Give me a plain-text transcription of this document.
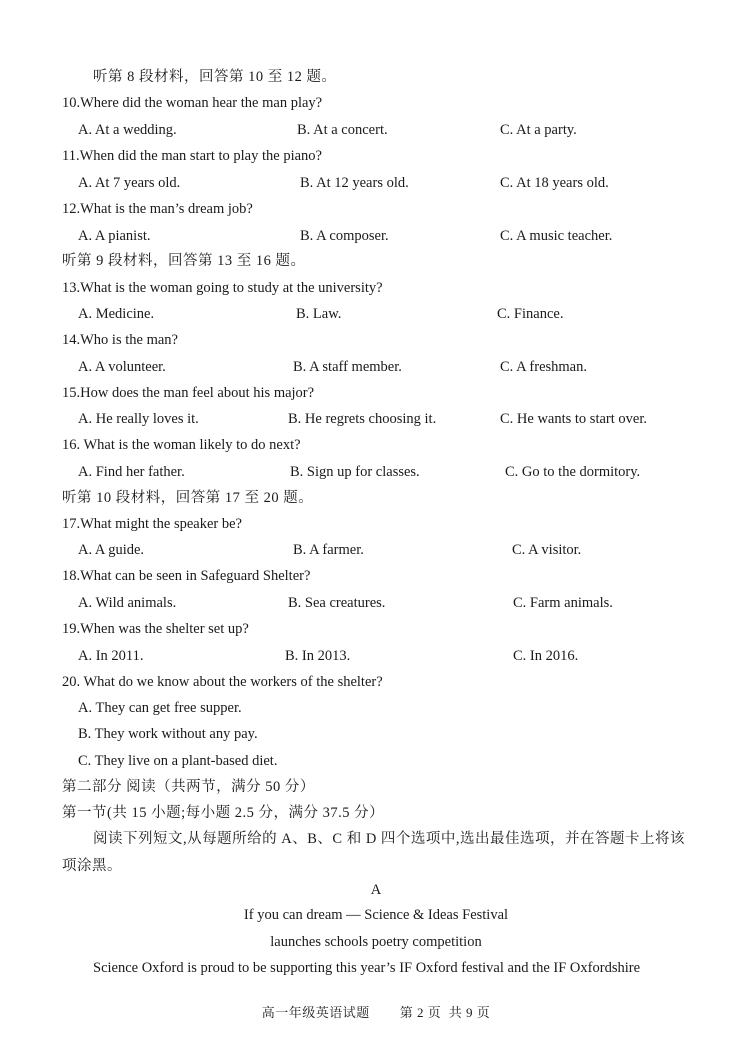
听第 8 段材料，回答第 10 至 12 题。
10.Where did the woman hear the man play?
A. At a wedding.	B. At a concert.	C. At a party.
11.When did the man start to play the piano?
A. At 7 years old.	B. At 12 years old.	C. At 18 years old.
12.What is the man’s dream job?
A. A pianist.	B. A composer.	C. A music teacher.
听第 9 段材料，回答第 13 至 16 题。
13.What is the woman going to study at the university?
A. Medicine.	B. Law.	C. Finance.
14.Who is the man?
A. A volunteer.	B. A staff member.	C. A freshman.
15.How does the man feel about his major?
A. He really loves it.	B. He regrets choosing it.	C. He wants to start over.
16. What is the woman likely to do next?
A. Find her father.	B. Sign up for classes.	C. Go to the dormitory.
听第 10 段材料，回答第 17 至 20 题。
17.What might the speaker be?
A. A guide.	B. A farmer.	C. A visitor.
18.What can be seen in Safeguard Shelter?
A. Wild animals.	B. Sea creatures.	C. Farm animals.
19.When was the shelter set up?
A. In 2011.	B. In 2013.	C. In 2016.
20. What do we know about the workers of the shelter?
A. They can get free supper.
B. They work without any pay.
C. They live on a plant-based diet.
第二部分 阅读（共两节，满分 50 分）
第一节(共 15 小题;每小题 2.5 分，满分 37.5 分）
阅读下列短文,从每题所给的 A、B、C 和 D 四个选项中,选出最佳选项，并在答题卡上将该
项涂黑。
A
If you can dream — Science & Ideas Festival
launches schools poetry competition
Science Oxford is proud to be supporting this year’s IF Oxford festival and the IF Oxfordshire
高一年级英语试题        第 2 页  共 9 页
